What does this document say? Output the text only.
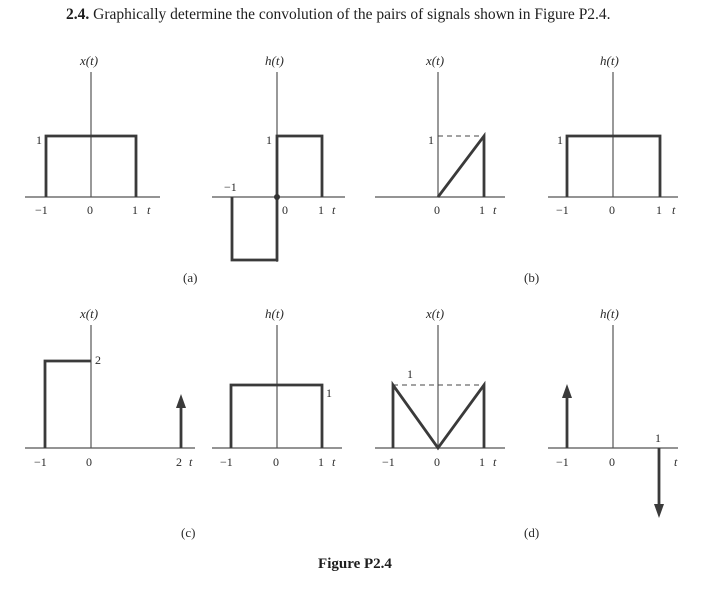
2.4. Graphically determine the convolution of the pairs of signals shown in Figure P2.4.
x(t)
1
−1	0	1 t
h(t)
1
−1
0	1 t
(a)
x(t)
1
0	1 t
h(t)
1
−1	0	1 t
(b)
x(t)
2
−1	0	2 t
h(t)
1
−1	0	1 t
(c)
x(t)
1
−1	0	1 t
h(t)
1
−1	0	t
(d)
Figure P2.4
